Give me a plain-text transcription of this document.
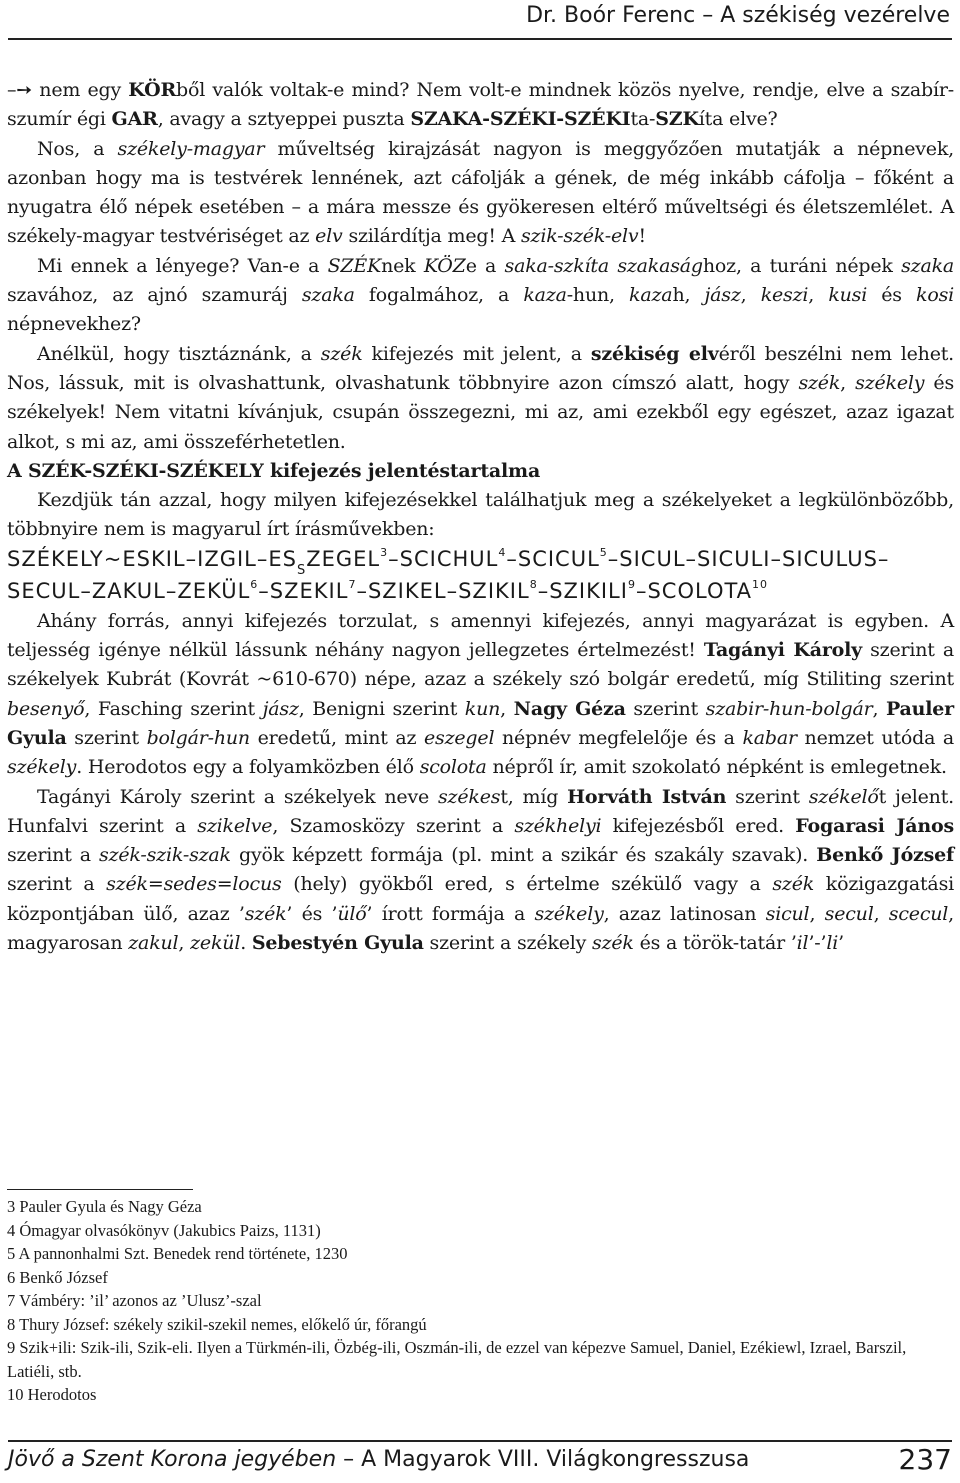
Dr. Boór Ferenc – A székiség vezérelve

–➙ nem egy KÖRből valók voltak-e mind? Nem volt-e mindnek közös nyelve, rendje, elve a szabír-szumír égi GAR, avagy a sztyeppei puszta SZAKA-SZÉKI-SZÉKIta-SZKíta elve?

Nos, a székely-magyar műveltség kirajzását nagyon is meggyőzően mutatják a népnevek, azonban hogy ma is testvérek lennének, azt cáfolják a gének, de még inkább cáfolja – főként a nyugatra élő népek esetében – a mára messze és gyökeresen eltérő műveltségi és életszemlélet. A székely-magyar testvériséget az elv szilárdítja meg! A szik-szék-elv!

Mi ennek a lényege? Van-e a SZÉKnek KÖZe a saka-szkíta szakasághoz, a turáni népek szaka szavához, az ajnó szamuráj szaka fogalmához, a kaza-hun, kazah, jász, keszi, kusi és kosi népnevekhez?

Anélkül, hogy tisztáznánk, a szék kifejezés mit jelent, a székiség elvéről beszélni nem lehet. Nos, lássuk, mit is olvashattunk, olvashatunk többnyire azon címszó alatt, hogy szék, székely és székelyek! Nem vitatni kívánjuk, csupán összegezni, mi az, ami ezekből egy egészet, azaz igazat alkot, s mi az, ami összeférhetetlen.

A SZÉK-SZÉKI-SZÉKELY kifejezés jelentéstartalma

Kezdjük tán azzal, hogy milyen kifejezésekkel találhatjuk meg a székelyeket a legkülönbözőbb, többnyire nem is magyarul írt írásművekben:

$SZÉKELY\sim ESKIL-IZGIL-ES_SZEGEL^3-SCICHUL^4-SCICUL^5-SICUL-SICULI-SICULUS-SECUL-ZAKUL-ZEKÜL^6-SZEKIL^7-SZIKEL-SZIKIL^8-SZIKILI^9-S$COLOTA$^{10}$

Ahány forrás, annyi kifejezés torzulat, s amennyi kifejezés, annyi magyarázat is egyben. A teljesség igénye nélkül lássunk néhány nagyon jellegzetes értelmezést! Tagányi Károly szerint a székelyek Kubrát (Kovrát ~610-670) népe, azaz a székely szó bolgár eredetű, míg Stiliting szerint besenyő, Fasching szerint jász, Benigni szerint kun, Nagy Géza szerint szabir-hun-bolgár, Pauler Gyula szerint bolgár-hun eredetű, mint az eszegel népnév megfelelője és a kabar nemzet utóda a székely. Herodotos egy a folyamközben élő scolota népről ír, amit szokolató népként is emlegetnek.

Tagányi Károly szerint a székelyek neve székest, míg Horváth István szerint székelőt jelent. Hunfalvi szerint a szikelve, Szamosközy szerint a székhelyi kifejezésből ered. Fogarasi János szerint a szék-szik-szak gyök képzett formája (pl. mint a szikár és szakály szavak). Benkő József szerint a szék=sedes=locus (hely) gyökből ered, s értelme székülő vagy a szék közigazgatási központjában ülő, azaz ’szék’ és ’ülő’ írott formája a székely, azaz latinosan sicul, secul, scecul, magyarosan zakul, zekül. Sebestyén Gyula szerint a székely szék és a török-tatár ’il’-’li’

3 Pauler Gyula és Nagy Géza
4 Ómagyar olvasókönyv (Jakubics Paizs, 1131)
5 A pannonhalmi Szt. Benedek rend története, 1230
6 Benkő József
7 Vámbéry: ’il’ azonos az ’Ulusz’-szal
8 Thury József: székely szikil-szekil nemes, előkelő úr, főrangú
9 Szik+ili: Szik-ili, Szik-eli. Ilyen a Türkmén-ili, Özbég-ili, Oszmán-ili, de ezzel van képezve Samuel, Daniel, Ezékiewl, Izrael, Barszil, Latiéli, stb.
10 Herodotos
Jövő a Szent Korona jegyében – A Magyarok VIII. Világkongresszusa	237
